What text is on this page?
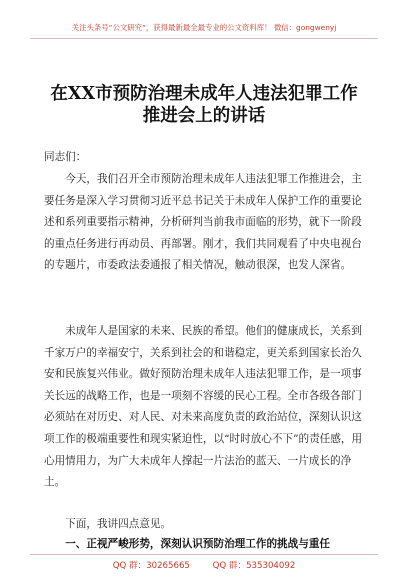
关注头条号“公文研究”，获得最新最全最专业的公文资料库！ 微信：gongwenyj
在XX市预防治理未成年人违法犯罪工作
推进会上的讲话
同志们：
今天，我们召开全市预防治理未成年人违法犯罪工作推进会，主要任务是深入学习贯彻习近平总书记关于未成年人保护工作的重要论述和系列重要指示精神，分析研判当前我市面临的形势，就下一阶段的重点任务进行再动员、再部署。刚才，我们共同观看了中央电视台的专题片，市委政法委通报了相关情况，触动很深，也发人深省。
未成年人是国家的未来、民族的希望。他们的健康成长，关系到千家万户的幸福安宁，关系到社会的和谐稳定，更关系到国家长治久安和民族复兴伟业。做好预防治理未成年人违法犯罪工作，是一项事关长远的战略工作，也是一项刻不容缓的民心工程。全市各级各部门必须站在对历史、对人民、对未来高度负责的政治站位，深刻认识这项工作的极端重要性和现实紧迫性，以“时时放心不下”的责任感，用心用情用力，为广大未成年人撑起一片法治的蓝天、一片成长的净土。
下面，我讲四点意见。
一、正视严峻形势，深刻认识预防治理工作的挑战与重任
QQ 群：30265665	QQ 群：535304092
